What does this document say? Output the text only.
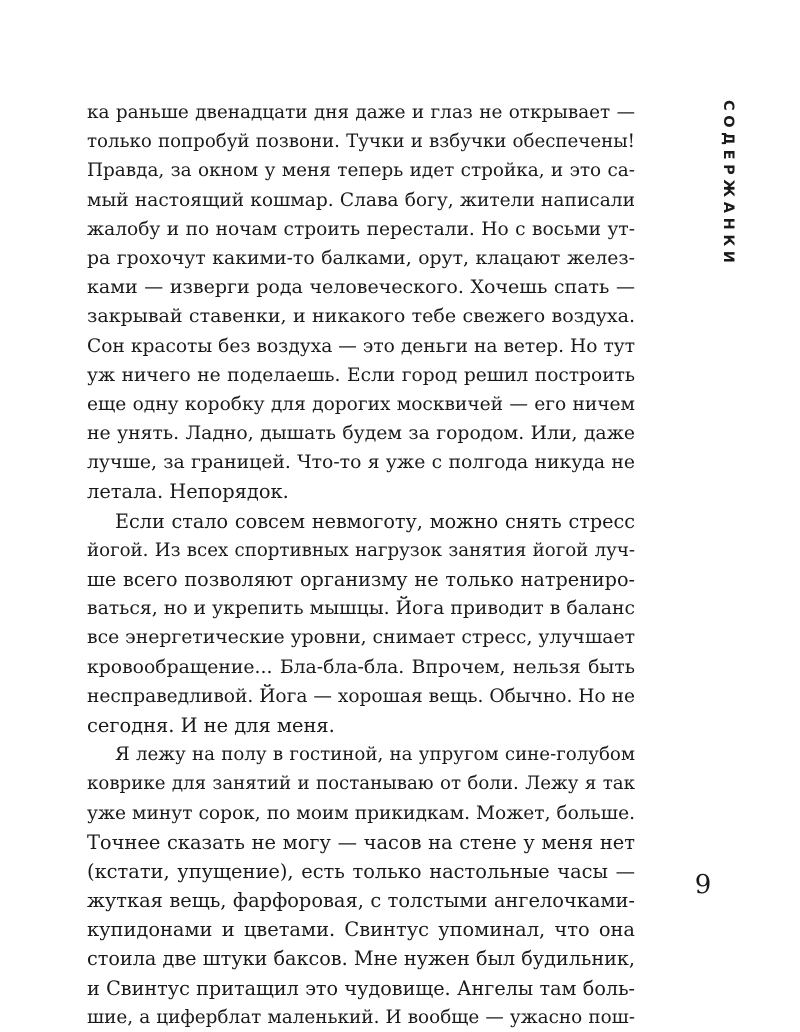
СОДЕРЖАНКИ
ка раньше двенадцати дня даже и глаз не открывает —
только попробуй позвони. Тучки и взбучки обеспечены!
Правда, за окном у меня теперь идет стройка, и это са-
мый настоящий кошмар. Слава богу, жители написали
жалобу и по ночам строить перестали. Но с восьми ут-
ра грохочут какими-то балками, орут, клацают желез-
ками — изверги рода человеческого. Хочешь спать —
закрывай ставенки, и никакого тебе свежего воздуха.
Сон красоты без воздуха — это деньги на ветер. Но тут
уж ничего не поделаешь. Если город решил построить
еще одну коробку для дорогих москвичей — его ничем
не унять. Ладно, дышать будем за городом. Или, даже
лучше, за границей. Что-то я уже с полгода никуда не
летала. Непорядок.
Если стало совсем невмоготу, можно снять стресс
йогой. Из всех спортивных нагрузок занятия йогой луч-
ше всего позволяют организму не только натрениро-
ваться, но и укрепить мышцы. Йога приводит в баланс
все энергетические уровни, снимает стресс, улучшает
кровообращение... Бла-бла-бла. Впрочем, нельзя быть
несправедливой. Йога — хорошая вещь. Обычно. Но не
сегодня. И не для меня.
Я лежу на полу в гостиной, на упругом сине-голубом
коврике для занятий и постанываю от боли. Лежу я так
уже минут сорок, по моим прикидкам. Может, больше.
Точнее сказать не могу — часов на стене у меня нет
(кстати, упущение), есть только настольные часы —
жуткая вещь, фарфоровая, с толстыми ангелочками-
купидонами и цветами. Свинтус упоминал, что она
стоила две штуки баксов. Мне нужен был будильник,
и Свинтус притащил это чудовище. Ангелы там боль-
шие, а циферблат маленький. И вообще — ужасно пош-
9
